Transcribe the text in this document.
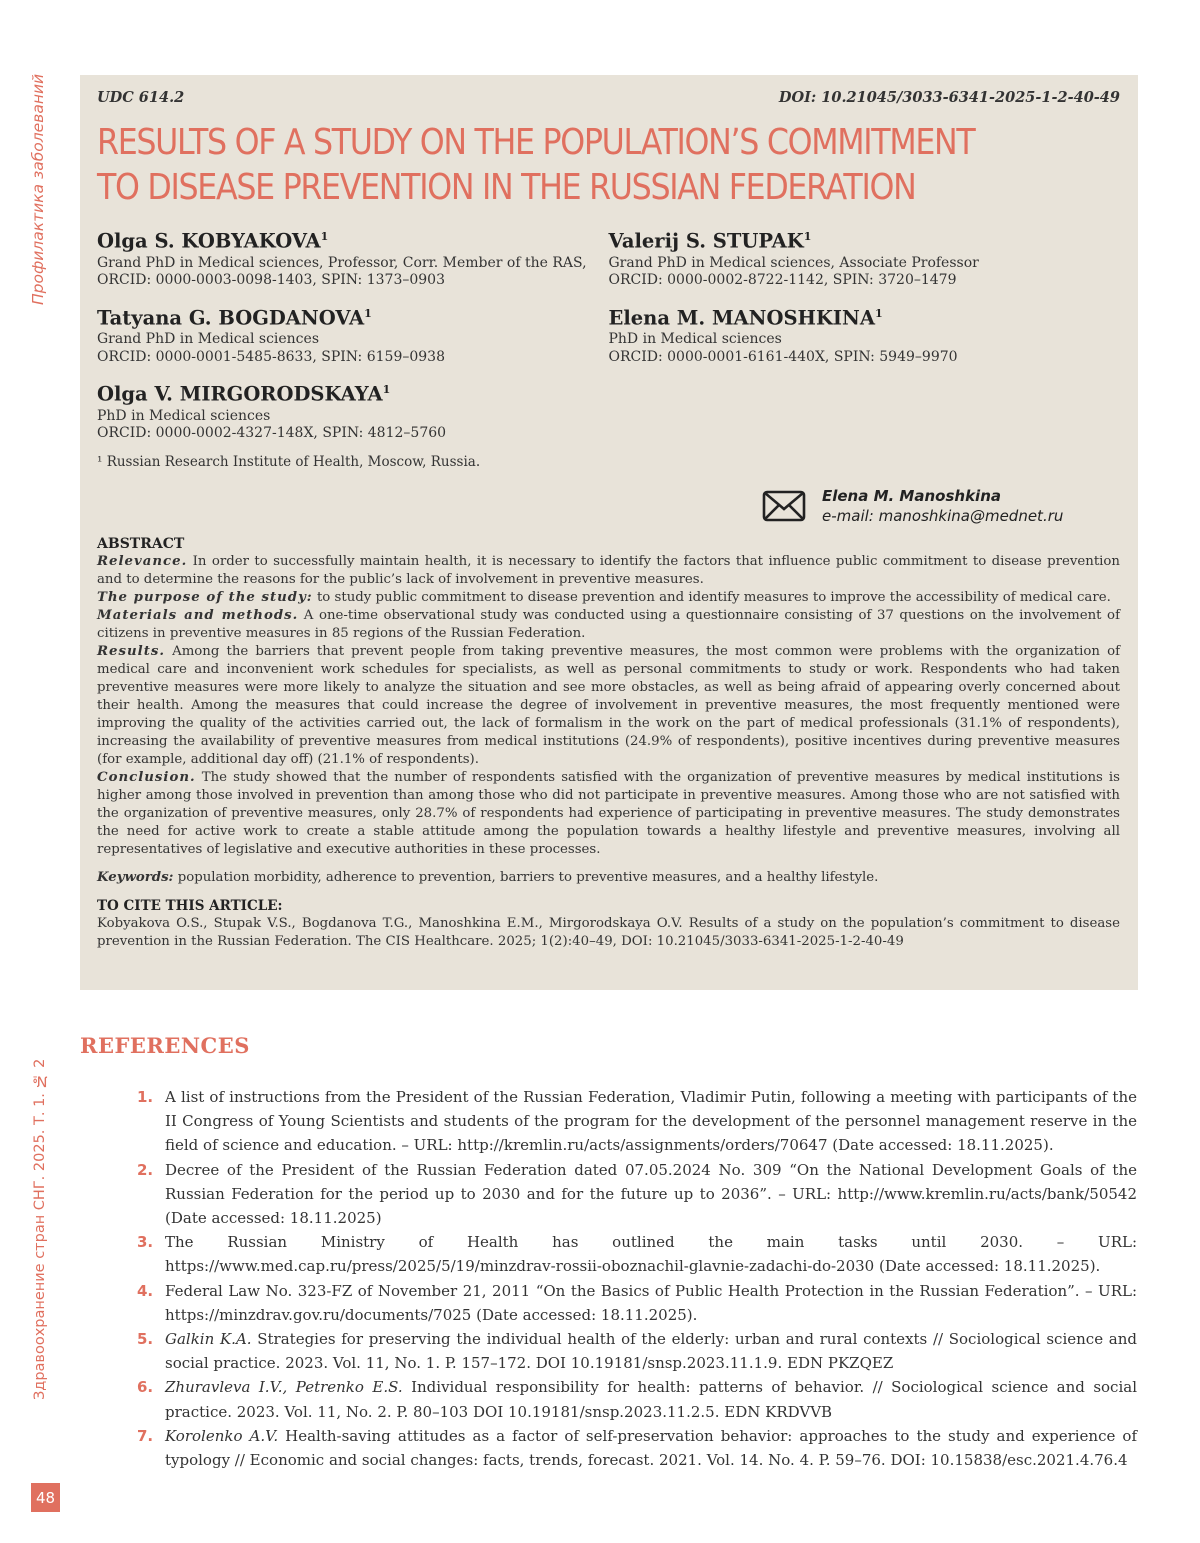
Профилактика заболеваний
Здравоохранение стран СНГ. 2025. Т. 1. № 2
48
UDC 614.2	DOI: 10.21045/3033-6341-2025-1-2-40-49
RESULTS OF A STUDY ON THE POPULATION’S COMMITMENT
TO DISEASE PREVENTION IN THE RUSSIAN FEDERATION
Olga S. KOBYAKOVA$^1$
Grand PhD in Medical sciences, Professor, Corr. Member of the RAS,
ORCID: 0000-0003-0098-1403, SPIN: 1373–0903
Tatyana G. BOGDANOVA$^1$
Grand PhD in Medical sciences
ORCID: 0000-0001-5485-8633, SPIN: 6159–0938
Olga V. MIRGORODSKAYA$^1$
PhD in Medical sciences
ORCID: 0000-0002-4327-148X, SPIN: 4812–5760
¹ Russian Research Institute of Health, Moscow, Russia.
Valerij S. STUPAK$^1$
Grand PhD in Medical sciences, Associate Professor
ORCID: 0000-0002-8722-1142, SPIN: 3720–1479
Elena M. MANOSHKINA$^1$
PhD in Medical sciences
ORCID: 0000-0001-6161-440X, SPIN: 5949–9970
Elena M. Manoshkina
e-mail: manoshkina@mednet.ru
ABSTRACT

Relevance. In order to successfully maintain health, it is necessary to identify the factors that influence public commitment to disease prevention and to determine the reasons for the public’s lack of involvement in preventive measures.

The purpose of the study: to study public commitment to disease prevention and identify measures to improve the accessibility of medical care.

Materials and methods. A one-time observational study was conducted using a questionnaire consisting of 37 questions on the involvement of citizens in preventive measures in 85 regions of the Russian Federation.

Results. Among the barriers that prevent people from taking preventive measures, the most common were problems with the organization of medical care and inconvenient work schedules for specialists, as well as personal commitments to study or work. Respondents who had taken preventive measures were more likely to analyze the situation and see more obstacles, as well as being afraid of appearing overly concerned about their health. Among the measures that could increase the degree of involvement in preventive measures, the most frequently mentioned were improving the quality of the activities carried out, the lack of formalism in the work on the part of medical professionals (31.1% of respondents), increasing the availability of preventive measures from medical institutions (24.9% of respondents), positive incentives during preventive measures (for example, additional day off) (21.1% of respondents).

Conclusion. The study showed that the number of respondents satisfied with the organization of preventive measures by medical institutions is higher among those involved in prevention than among those who did not participate in preventive measures. Among those who are not satisfied with the organization of preventive measures, only 28.7% of respondents had experience of participating in preventive measures. The study demonstrates the need for active work to create a stable attitude among the population towards a healthy lifestyle and preventive measures, involving all representatives of legislative and executive authorities in these processes.

Keywords: population morbidity, adherence to prevention, barriers to preventive measures, and a healthy lifestyle.

TO CITE THIS ARTICLE:

Kobyakova O.S., Stupak V.S., Bogdanova T.G., Manoshkina E.M., Mirgorodskaya O.V. Results of a study on the population’s commitment to disease prevention in the Russian Federation. The CIS Healthcare. 2025; 1(2):40–49, DOI: 10.21045/3033-6341-2025-1-2-40-49

REFERENCES
1. A list of instructions from the President of the Russian Federation, Vladimir Putin, following a meeting with participants of the II Congress of Young Scientists and students of the program for the development of the personnel management reserve in the field of science and education. – URL: http://kremlin.ru/acts/assignments/orders/70647 (Date accessed: 18.11.2025).
2. Decree of the President of the Russian Federation dated 07.05.2024 No. 309 “On the National Development Goals of the Russian Federation for the period up to 2030 and for the future up to 2036”. – URL: http://www.kremlin.ru/acts/bank/50542 (Date accessed: 18.11.2025)
3. The Russian Ministry of Health has outlined the main tasks until 2030. – URL: https://www.med.cap.ru/press/2025/5/19/minzdrav-rossii-oboznachil-glavnie-zadachi-do-2030 (Date accessed: 18.11.2025).
4. Federal Law No. 323-FZ of November 21, 2011 “On the Basics of Public Health Protection in the Russian Federation”. – URL: https://minzdrav.gov.ru/documents/7025 (Date accessed: 18.11.2025).
5. Galkin K.A. Strategies for preserving the individual health of the elderly: urban and rural contexts // Sociological science and social practice. 2023. Vol. 11, No. 1. P. 157–172. DOI 10.19181/snsp.2023.11.1.9. EDN PKZQEZ
6. Zhuravleva I.V., Petrenko E.S. Individual responsibility for health: patterns of behavior. // Sociological science and social practice. 2023. Vol. 11, No. 2. P. 80–103 DOI 10.19181/snsp.2023.11.2.5. EDN KRDVVB
7. Korolenko A.V. Health-saving attitudes as a factor of self-preservation behavior: approaches to the study and experience of typology // Economic and social changes: facts, trends, forecast. 2021. Vol. 14. No. 4. P. 59–76. DOI: 10.15838/esc.2021.4.76.4
